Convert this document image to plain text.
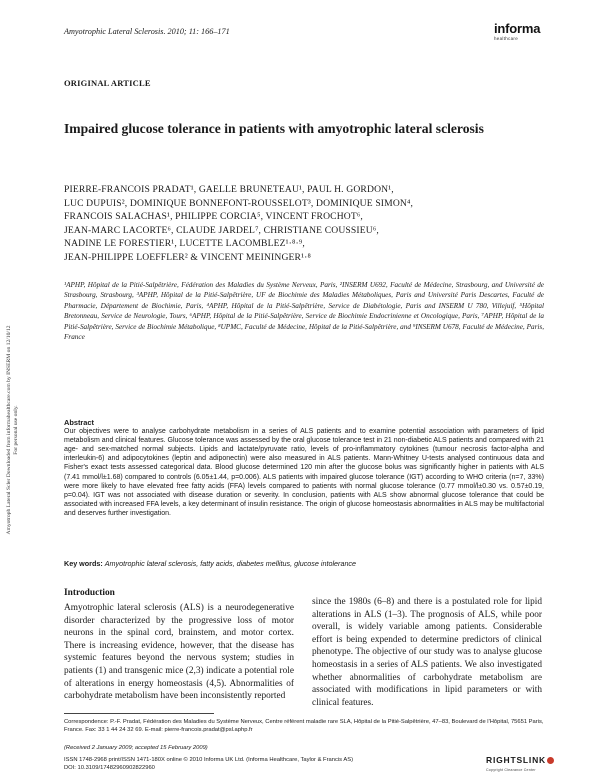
Amyotroph Lateral Scler Downloaded from informahealthcare.com by INSERM on 12/10/12 For personal use only.
Amyotrophic Lateral Sclerosis. 2010; 11: 166–171	informa
healthcare
ORIGINAL ARTICLE
Impaired glucose tolerance in patients with amyotrophic lateral sclerosis
PIERRE-FRANCOIS PRADAT¹, GAELLE BRUNETEAU¹, PAUL H. GORDON¹,
LUC DUPUIS², DOMINIQUE BONNEFONT-ROUSSELOT³, DOMINIQUE SIMON⁴,
FRANCOIS SALACHAS¹, PHILIPPE CORCIA⁵, VINCENT FROCHOT⁶,
JEAN-MARC LACORTE⁶, CLAUDE JARDEL⁷, CHRISTIANE COUSSIEU⁶,
NADINE LE FORESTIER¹, LUCETTE LACOMBLEZ¹·⁸·⁹,
JEAN-PHILIPPE LOEFFLER² & VINCENT MEININGER¹·⁸
¹APHP, Hôpital de la Pitié-Salpêtrière, Fédération des Maladies du Système Nerveux, Paris, ²INSERM U692, Faculté de Médecine, Strasbourg, and Université de Strasbourg, Strasbourg, ³APHP, Hôpital de la Pitié-Salpêtrière, UF de Biochimie des Maladies Métaboliques, Paris and Université Paris Descartes, Faculté de Pharmacie, Département de Biochimie, Paris, ⁴APHP, Hôpital de la Pitié-Salpêtrière, Service de Diabétologie, Paris and INSERM U 780, Villejuif, ⁵Hôpital Bretonneau, Service de Neurologie, Tours, ⁶APHP, Hôpital de la Pitié-Salpêtrière, Service de Biochimie Endocrinienne et Oncologique, Paris, ⁷APHP, Hôpital de la Pitié-Salpêtrière, Service de Biochimie Métabolique, ⁸UPMC, Faculté de Médecine, Hôpital de la Pitié-Salpêtrière, and ⁹INSERM U678, Faculté de Médecine, Paris, France
Abstract
Our objectives were to analyse carbohydrate metabolism in a series of ALS patients and to examine potential association with parameters of lipid metabolism and clinical features. Glucose tolerance was assessed by the oral glucose tolerance test in 21 non-diabetic ALS patients and compared with 21 age- and sex-matched normal subjects. Lipids and lactate/pyruvate ratio, levels of pro-inflammatory cytokines (tumour necrosis factor-alpha and interleukin-6) and adipocytokines (leptin and adiponectin) were also measured in ALS patients. Mann-Whitney U-tests analysed continuous data and Fisher's exact tests assessed categorical data. Blood glucose determined 120 min after the glucose bolus was significantly higher in patients with ALS (7.41 mmol/l±1.68) compared to controls (6.05±1.44, p=0.006). ALS patients with impaired glucose tolerance (IGT) according to WHO criteria (n=7, 33%) were more likely to have elevated free fatty acids (FFA) levels compared to patients with normal glucose tolerance (0.77 mmol/l±0.30 vs. 0.57±0.19, p=0.04). IGT was not associated with disease duration or severity. In conclusion, patients with ALS show abnormal glucose tolerance that could be associated with increased FFA levels, a key determinant of insulin resistance. The origin of glucose homeostasis abnormalities in ALS may be multifactorial and deserves further investigation.
Key words: Amyotrophic lateral sclerosis, fatty acids, diabetes mellitus, glucose intolerance
Introduction

Amyotrophic lateral sclerosis (ALS) is a neurodegenerative disorder characterized by the progressive loss of motor neurons in the spinal cord, brainstem, and motor cortex. There is increasing evidence, however, that the disease has systemic features beyond the nervous system; studies in patients (1) and transgenic mice (2,3) indicate a potential role of alterations in energy homeostasis (4,5). Abnormalities of carbohydrate metabolism have been inconsistently reported

since the 1980s (6–8) and there is a postulated role for lipid alterations in ALS (1–3). The prognosis of ALS, while poor overall, is widely variable among patients. Considerable effort is being expended to determine predictors of clinical phenotype. The objective of our study was to analyse glucose homeostasis in a series of ALS patients. We also investigated whether abnormalities of carbohydrate metabolism are associated with modifications in lipid parameters or with clinical features.

Correspondence: P.-F. Pradat, Fédération des Maladies du Système Nerveux, Centre référent maladie rare SLA, Hôpital de la Pitié-Salpêtrière, 47–83, Boulevard de l'Hôpital, 75651 Paris, France. Fax: 33 1 44 24 32 69. E-mail: pierre-francois.pradat@psl.aphp.fr
(Received 2 January 2009; accepted 15 February 2009)
ISSN 1748-2968 print/ISSN 1471-180X online © 2010 Informa UK Ltd. (Informa Healthcare, Taylor & Francis AS)
DOI: 10.3109/17482960902822960
RIGHTSLINK
Copyright Clearance Center
